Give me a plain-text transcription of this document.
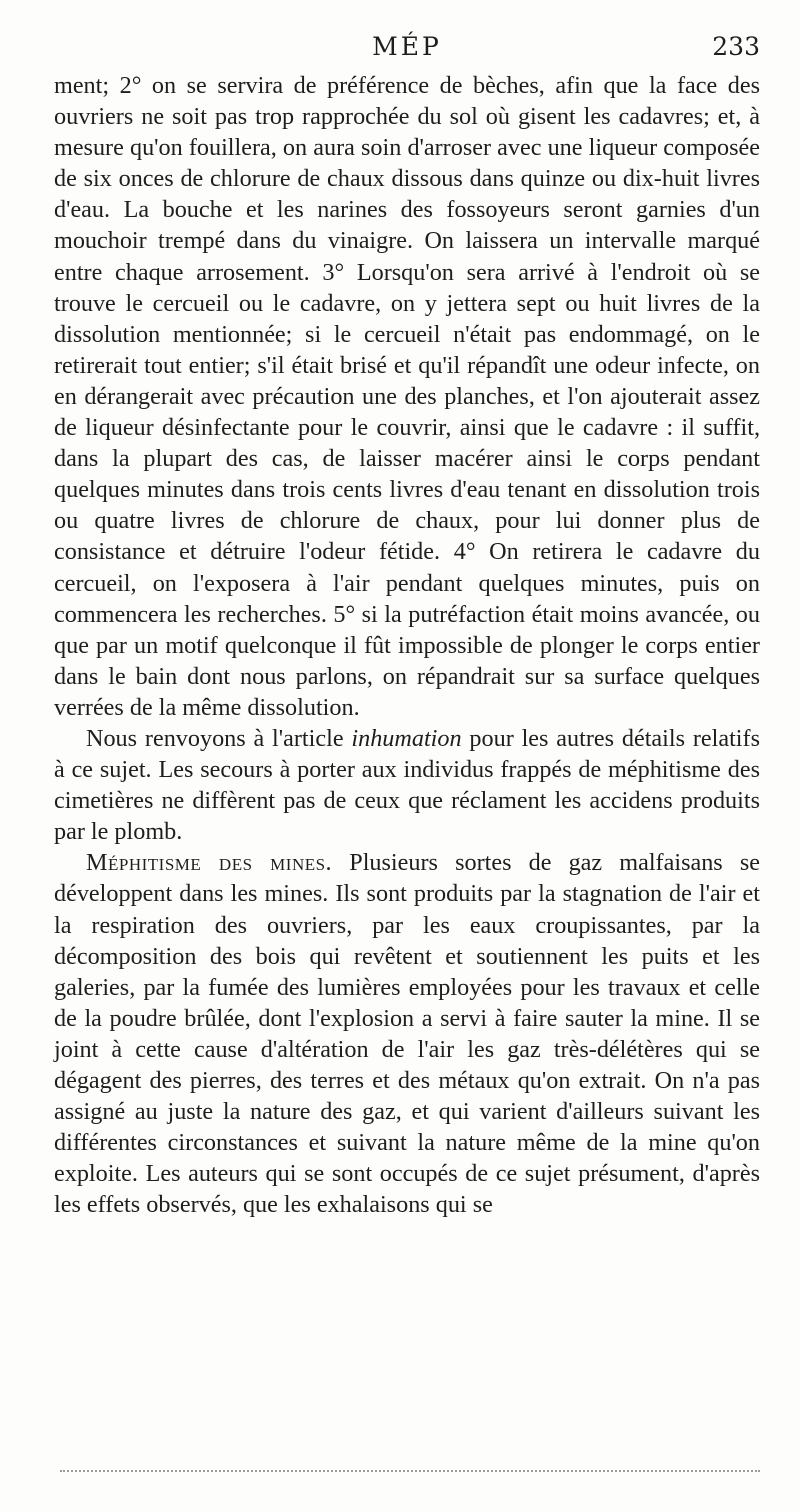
MÉP	233

ment; 2° on se servira de préférence de bèches, afin que la face des ouvriers ne soit pas trop rapprochée du sol où gisent les cadavres; et, à mesure qu'on fouillera, on aura soin d'arroser avec une liqueur composée de six onces de chlorure de chaux dissous dans quinze ou dix-huit livres d'eau. La bouche et les narines des fossoyeurs seront garnies d'un mouchoir trempé dans du vinaigre. On laissera un intervalle marqué entre chaque arrosement. 3° Lorsqu'on sera arrivé à l'endroit où se trouve le cercueil ou le cadavre, on y jettera sept ou huit livres de la dissolution mentionnée; si le cercueil n'était pas endommagé, on le retirerait tout entier; s'il était brisé et qu'il répandît une odeur infecte, on en dérangerait avec précaution une des planches, et l'on ajouterait assez de liqueur désinfectante pour le couvrir, ainsi que le cadavre : il suffit, dans la plupart des cas, de laisser macérer ainsi le corps pendant quelques minutes dans trois cents livres d'eau tenant en dissolution trois ou quatre livres de chlorure de chaux, pour lui donner plus de consistance et détruire l'odeur fétide. 4° On retirera le cadavre du cercueil, on l'exposera à l'air pendant quelques minutes, puis on commencera les recherches. 5° si la putréfaction était moins avancée, ou que par un motif quelconque il fût impossible de plonger le corps entier dans le bain dont nous parlons, on répandrait sur sa surface quelques verrées de la même dissolution.

Nous renvoyons à l'article inhumation pour les autres détails relatifs à ce sujet. Les secours à porter aux individus frappés de méphitisme des cimetières ne diffèrent pas de ceux que réclament les accidens produits par le plomb.

Méphitisme des mines. Plusieurs sortes de gaz malfaisans se développent dans les mines. Ils sont produits par la stagnation de l'air et la respiration des ouvriers, par les eaux croupissantes, par la décomposition des bois qui revêtent et soutiennent les puits et les galeries, par la fumée des lumières employées pour les travaux et celle de la poudre brûlée, dont l'explosion a servi à faire sauter la mine. Il se joint à cette cause d'altération de l'air les gaz très-délétères qui se dégagent des pierres, des terres et des métaux qu'on extrait. On n'a pas assigné au juste la nature des gaz, et qui varient d'ailleurs suivant les différentes circonstances et suivant la nature même de la mine qu'on exploite. Les auteurs qui se sont occupés de ce sujet présument, d'après les effets observés, que les exhalaisons qui se
